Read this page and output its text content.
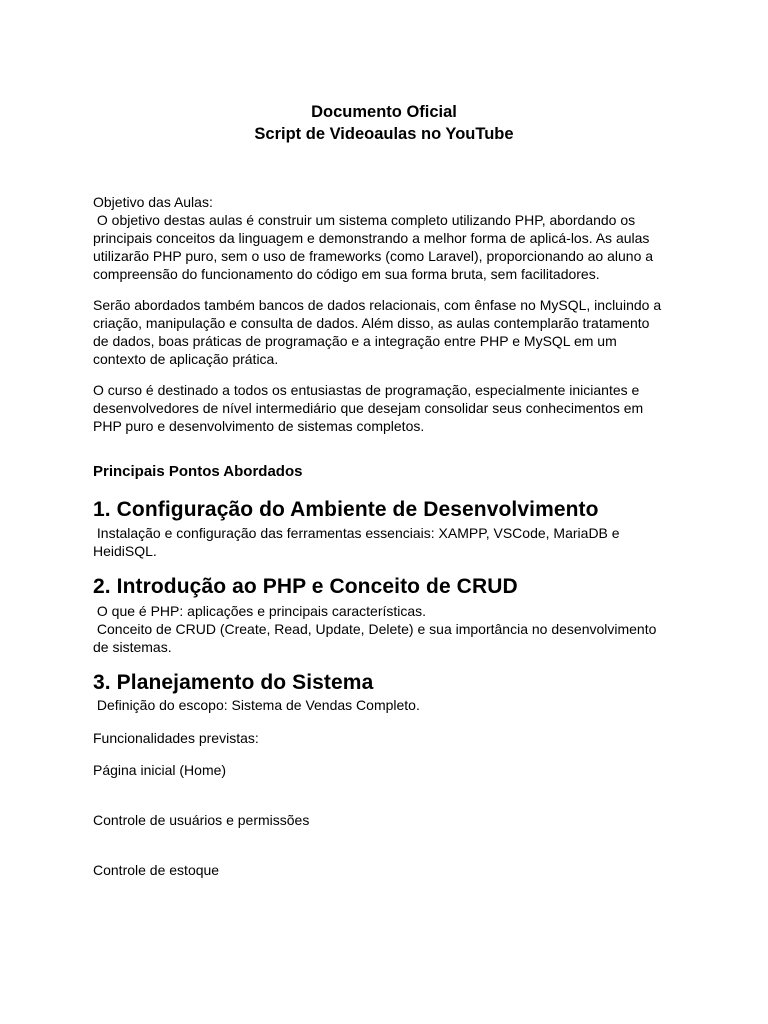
Documento Oficial
Script de Videoaulas no YouTube
Objetivo das Aulas:
O objetivo destas aulas é construir um sistema completo utilizando PHP, abordando os
principais conceitos da linguagem e demonstrando a melhor forma de aplicá-los. As aulas
utilizarão PHP puro, sem o uso de frameworks (como Laravel), proporcionando ao aluno a
compreensão do funcionamento do código em sua forma bruta, sem facilitadores.
Serão abordados também bancos de dados relacionais, com ênfase no MySQL, incluindo a
criação, manipulação e consulta de dados. Além disso, as aulas contemplarão tratamento
de dados, boas práticas de programação e a integração entre PHP e MySQL em um
contexto de aplicação prática.
O curso é destinado a todos os entusiastas de programação, especialmente iniciantes e
desenvolvedores de nível intermediário que desejam consolidar seus conhecimentos em
PHP puro e desenvolvimento de sistemas completos.
Principais Pontos Abordados
1. Configuração do Ambiente de Desenvolvimento
Instalação e configuração das ferramentas essenciais: XAMPP, VSCode, MariaDB e
HeidiSQL.
2. Introdução ao PHP e Conceito de CRUD
O que é PHP: aplicações e principais características.
Conceito de CRUD (Create, Read, Update, Delete) e sua importância no desenvolvimento
de sistemas.
3. Planejamento do Sistema
Definição do escopo: Sistema de Vendas Completo.
Funcionalidades previstas:
Página inicial (Home)
Controle de usuários e permissões
Controle de estoque
